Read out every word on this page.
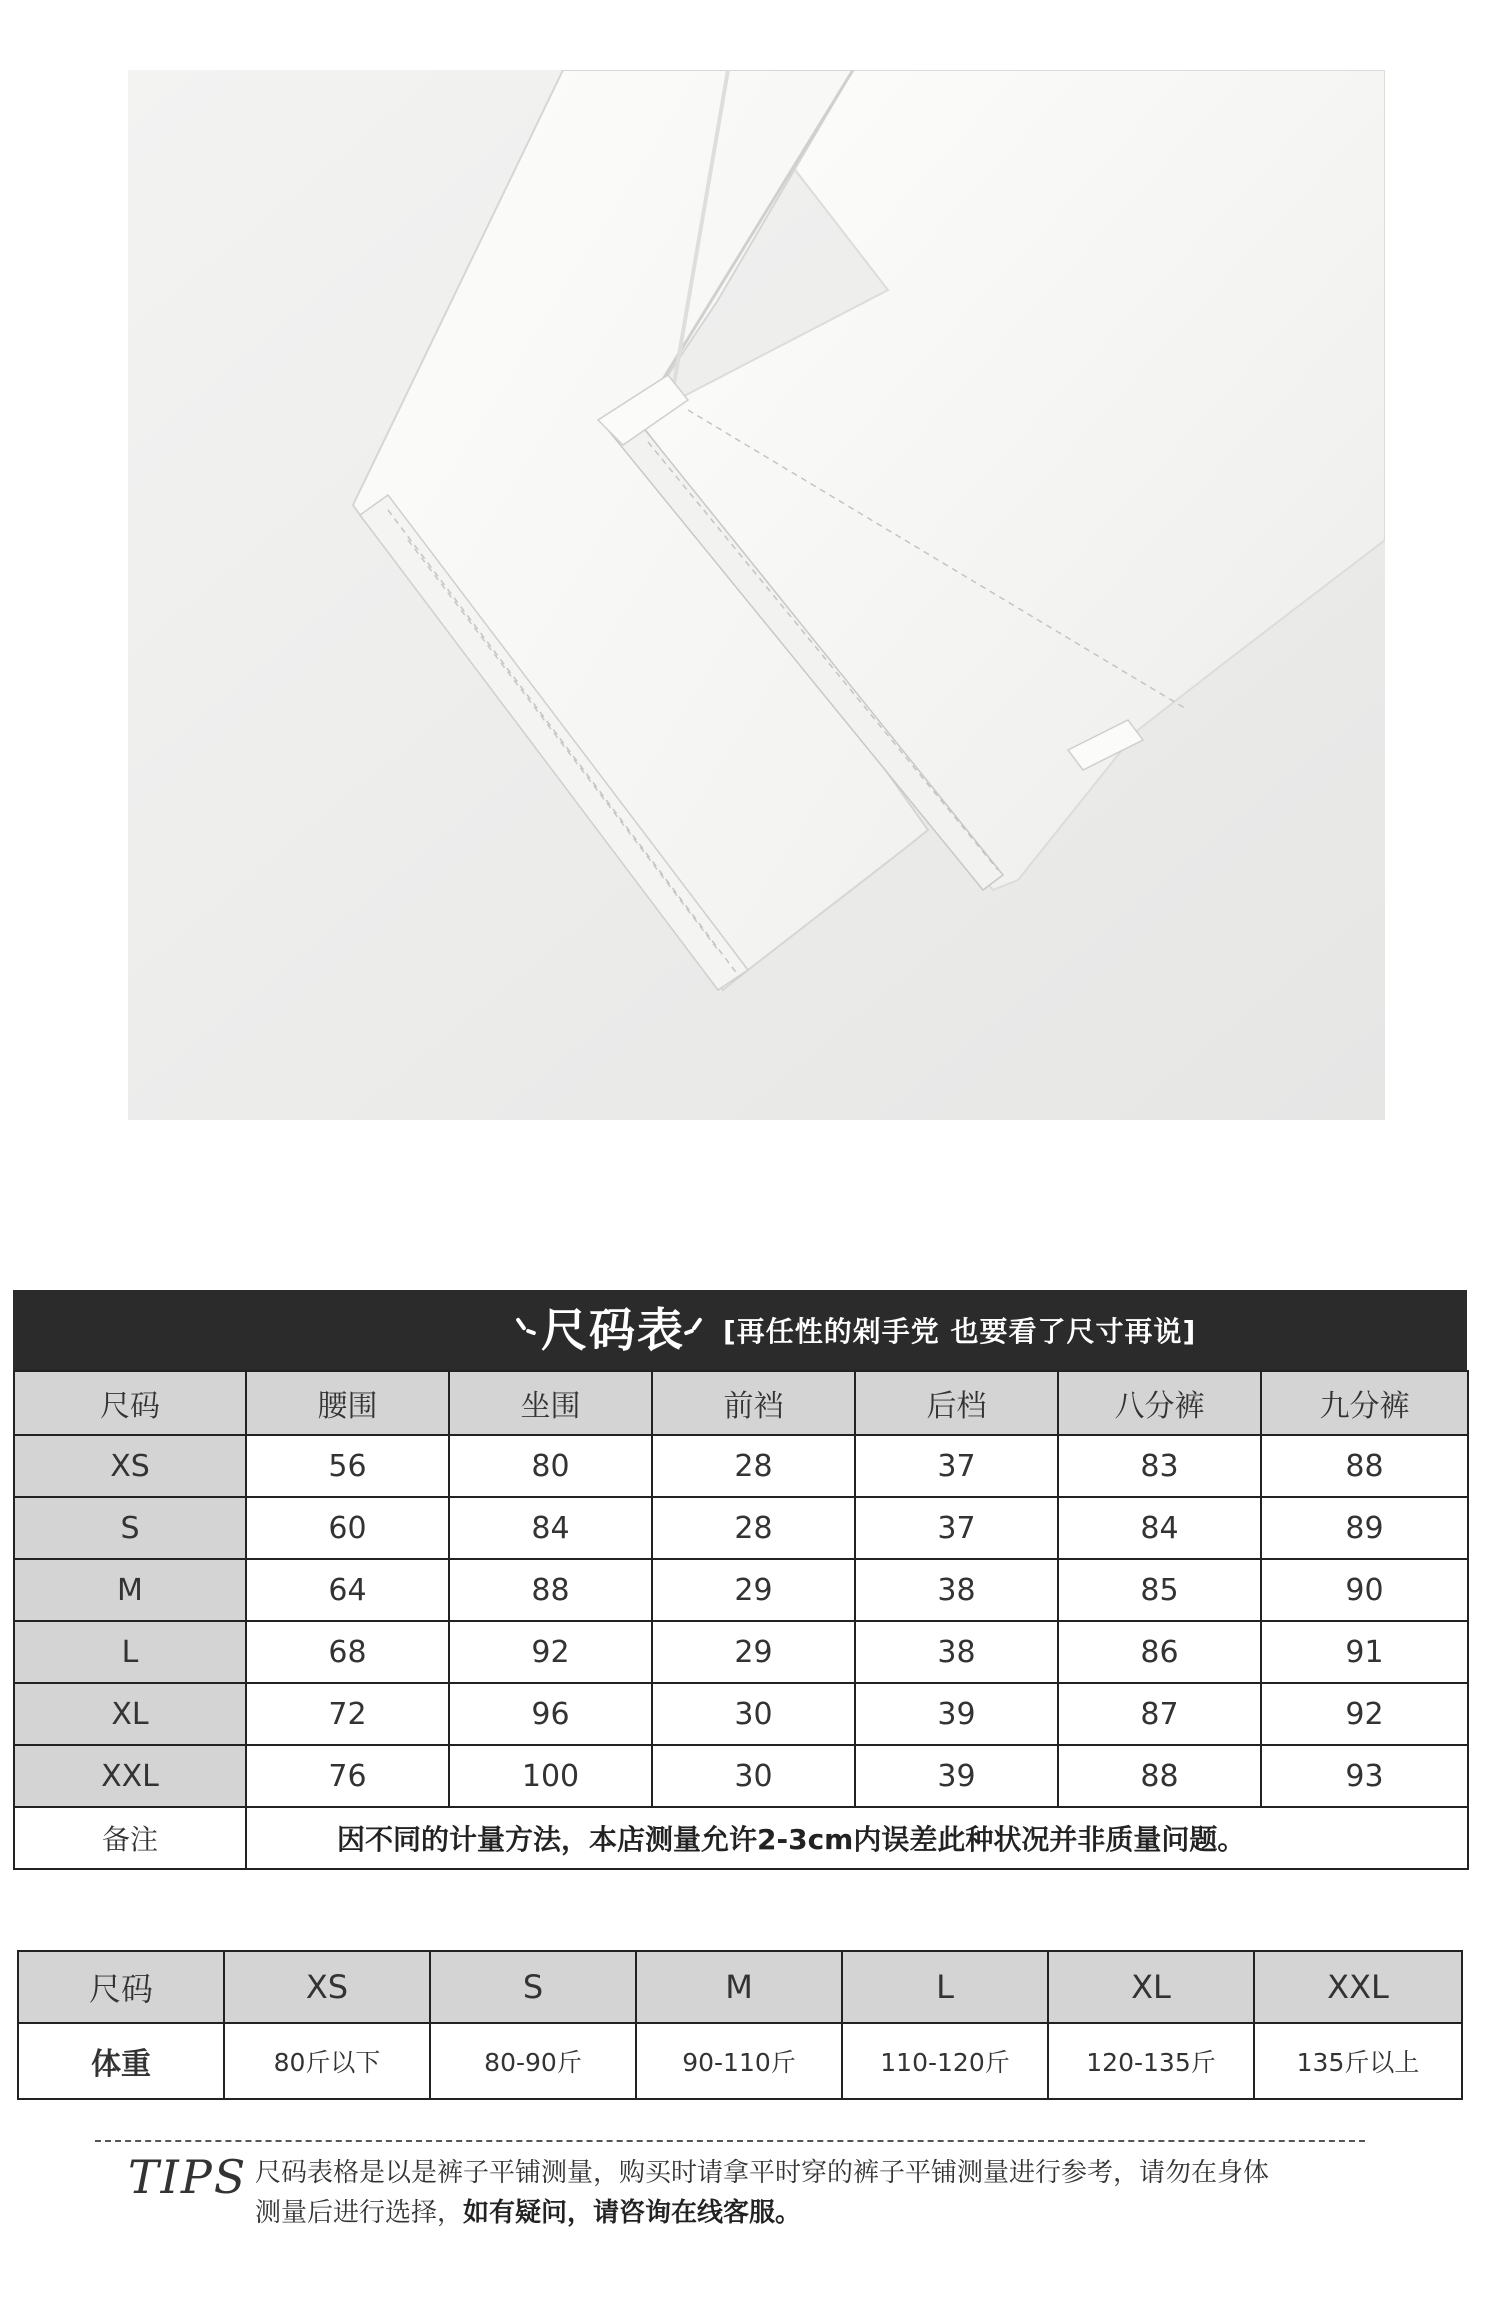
尺码表 [再任性的剁手党 也要看了尺寸再说]
尺码	腰围	坐围	前裆	后档	八分裤	九分裤
XS	56	80	28	37	83	88
S	60	84	28	37	84	89
M	64	88	29	38	85	90
L	68	92	29	38	86	91
XL	72	96	30	39	87	92
XXL	76	100	30	39	88	93
备注	因不同的计量方法，本店测量允许2-3cm内误差此种状况并非质量问题。					
尺码	XS	S	M	L	XL	XXL
体重	80斤以下	80-90斤	90-110斤	110-120斤	120-135斤	135斤以上
TIPS 尺码表格是以是裤子平铺测量，购买时请拿平时穿的裤子平铺测量进行参考，请勿在身体
测量后进行选择，如有疑问，请咨询在线客服。
